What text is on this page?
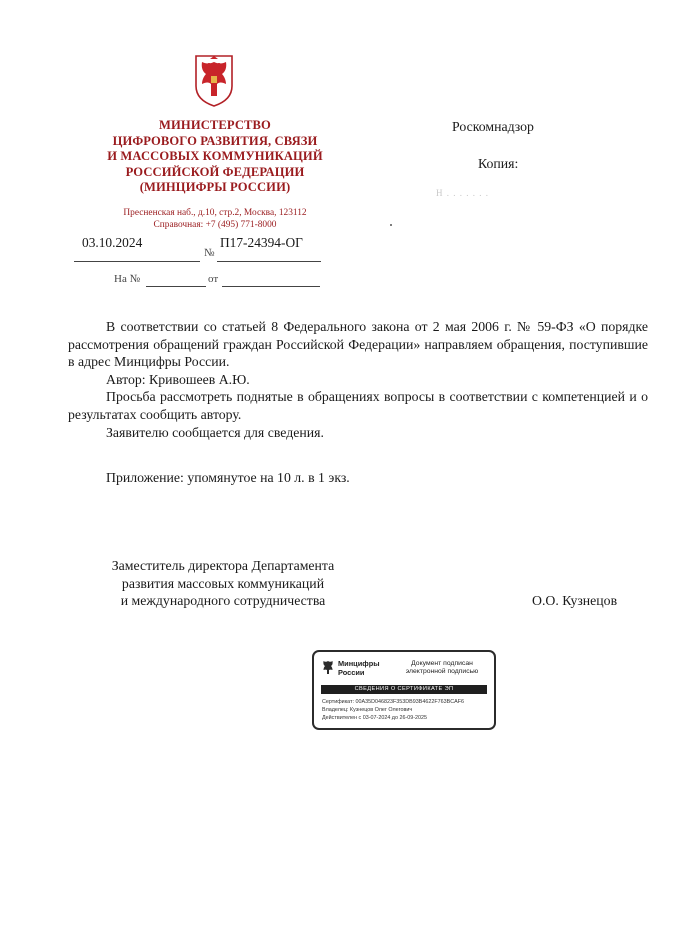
МИНИСТЕРСТВО
ЦИФРОВОГО РАЗВИТИЯ, СВЯЗИ
И МАССОВЫХ КОММУНИКАЦИЙ
РОССИЙСКОЙ ФЕДЕРАЦИИ
(МИНЦИФРЫ РОССИИ)
Пресненская наб., д.10, стр.2, Москва, 123112
Справочная: +7 (495) 771-8000
03.10.2024
№
П17-24394-ОГ
На №	от
Роскомнадзор
Копия:
Н . . . . . . .

В соответствии со статьей 8 Федерального закона от 2 мая 2006 г. № 59-ФЗ «О порядке рассмотрения обращений граждан Российской Федерации» направляем обращения, поступившие в адрес Минцифры России.

Автор: Кривошеев А.Ю.

Просьба рассмотреть поднятые в обращениях вопросы в соответствии с компетенцией и о результатах сообщить автору.

Заявителю сообщается для сведения.

Приложение: упомянутое на 10 л. в 1 экз.
Заместитель директора Департамента
развития массовых коммуникаций
и международного сотрудничества	О.О. Кузнецов
Минцифры
России
Документ подписан
электронной подписью
СВЕДЕНИЯ О СЕРТИФИКАТЕ ЭП
Сертификат: 00A35D046823F353DB93B4622F763BCAF6
Владелец: Кузнецов Олег Олегович
Действителен с 03-07-2024 до 26-09-2025
